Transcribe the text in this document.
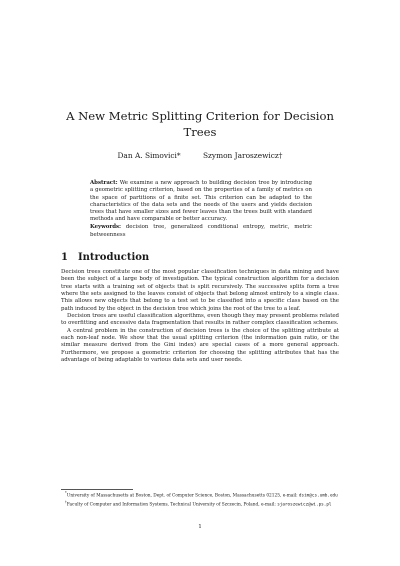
A New Metric Splitting Criterion for Decision Trees
Dan A. Simovici*	Szymon Jaroszewicz†
Abstract: We examine a new approach to building decision tree by introducing a geometric splitting criterion, based on the properties of a family of metrics on the space of partitions of a finite set. This criterion can be adapted to the characteristics of the data sets and the needs of the users and yields decision trees that have smaller sizes and fewer leaves than the trees built with standard methods and have comparable or better accuracy.
Keywords: decision tree, generalized conditional entropy, metric, metric betweenness
1 Introduction

Decision trees constitute one of the most popular classification techniques in data mining and have been the subject of a large body of investigation. The typical construction algorithm for a decision tree starts with a training set of objects that is split recursively. The successive splits form a tree where the sets assigned to the leaves consist of objects that belong almost entirely to a single class. This allows new objects that belong to a test set to be classified into a specific class based on the path induced by the object in the decision tree which joins the root of the tree to a leaf.

Decision trees are useful classification algorithms, even though they may present problems related to overfitting and excessive data fragmentation that results in rather complex classification schemes.

A central problem in the construction of decision trees is the choice of the splitting attribute at each non-leaf node. We show that the usual splitting criterion (the information gain ratio, or the similar measure derived from the Gini index) are special cases of a more general approach. Furthermore, we propose a geometric criterion for choosing the splitting attributes that has the advantage of being adaptable to various data sets and user needs.

*University of Massachusetts at Boston, Dept. of Computer Science, Boston, Massachusetts 02125, e-mail: dsim@cs.umb.edu

†Faculty of Computer and Information Systems, Technical University of Szczecin, Poland, e-mail: sjaroszewicz@wi.ps.pl

1
